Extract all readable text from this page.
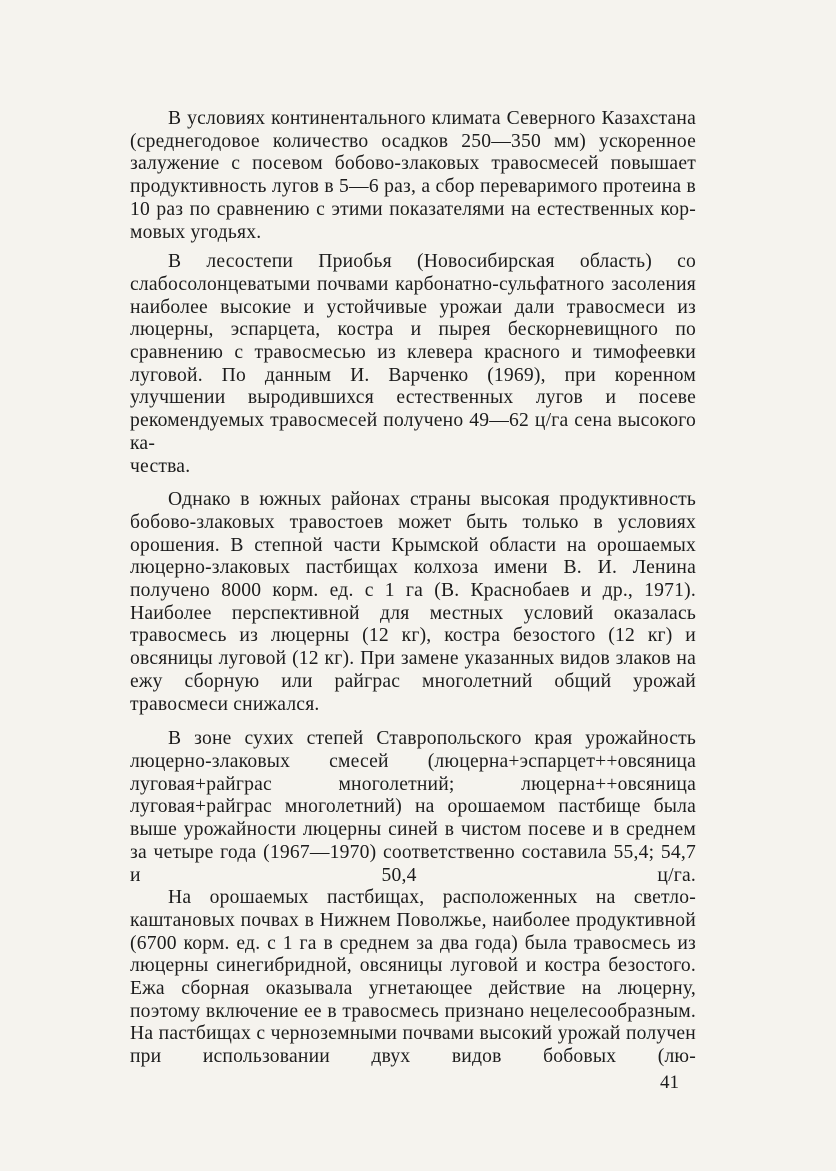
В условиях континентального климата Северного Казахстана (среднегодовое количество осадков 250—350 мм) ускоренное залужение с посевом бобово-злаковых травосмесей повышает продуктивность лугов в 5—6 раз, а сбор переваримого протеина в 10 раз по сравнению с этими показателями на естественных кор-
мовых угодьях.

В лесостепи Приобья (Новосибирская область) со слабосолонцеватыми почвами карбонатно-сульфатного засоления наиболее высокие и устойчивые урожаи дали травосмеси из люцерны, эспарцета, костра и пырея бескорневищного по сравнению с травосмесью из клевера красного и тимофеевки луговой. По данным И. Варченко (1969), при коренном улучшении выродившихся естественных лугов и посеве рекомендуемых травосмесей получено 49—62 ц/га сена высокого ка-
чества.

Однако в южных районах страны высокая продуктивность бобово-злаковых травостоев может быть только в условиях орошения. В степной части Крымской области на орошаемых люцерно-злаковых пастбищах колхоза имени В. И. Ленина получено 8000 корм. ед. с 1 га (В. Краснобаев и др., 1971). Наиболее перспективной для местных условий оказалась травосмесь из люцерны (12 кг), костра безостого (12 кг) и овсяницы луговой (12 кг). При замене указанных видов злаков на ежу сборную или райграс многолетний общий урожай
травосмеси снижался.

В зоне сухих степей Ставропольского края урожайность люцерно-злаковых смесей (люцерна+эспарцет++овсяница луговая+райграс многолетний; люцерна++овсяница луговая+райграс многолетний) на орошаемом пастбище была выше урожайности люцерны синей в чистом посеве и в среднем за четыре года (1967—1970) соответственно составила 55,4; 54,7 и 50,4 ц/га.

На орошаемых пастбищах, расположенных на светло-каштановых почвах в Нижнем Поволжье, наиболее продуктивной (6700 корм. ед. с 1 га в среднем за два года) была травосмесь из люцерны синегибридной, овсяницы луговой и костра безостого. Ежа сборная оказывала угнетающее действие на люцерну, поэтому включение ее в травосмесь признано нецелесообразным. На пастбищах с черноземными почвами высокий урожай получен при использовании двух видов бобовых (лю-

41
